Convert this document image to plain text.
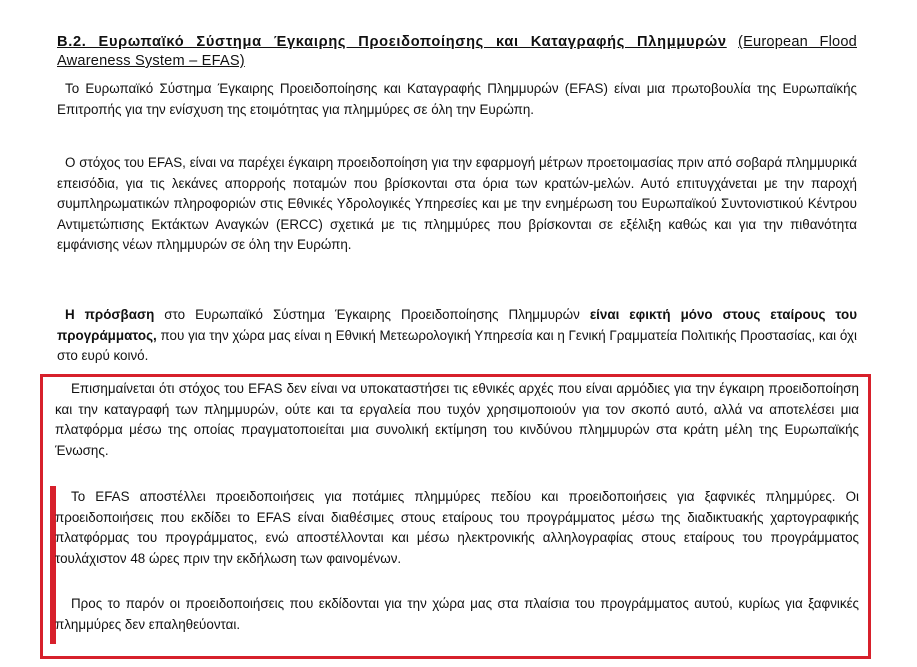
B.2. Ευρωπαϊκό Σύστημα Έγκαιρης Προειδοποίησης και Καταγραφής Πλημμυρών (European Flood Awareness System – EFAS)

Το Ευρωπαϊκό Σύστημα Έγκαιρης Προειδοποίησης και Καταγραφής Πλημμυρών (EFAS) είναι μια πρωτοβουλία της Ευρωπαϊκής Επιτροπής για την ενίσχυση της ετοιμότητας για πλημμύρες σε όλη την Ευρώπη.

Ο στόχος του EFAS, είναι να παρέχει έγκαιρη προειδοποίηση για την εφαρμογή μέτρων προετοιμασίας πριν από σοβαρά πλημμυρικά επεισόδια, για τις λεκάνες απορροής ποταμών που βρίσκονται στα όρια των κρατών-μελών. Αυτό επιτυγχάνεται με την παροχή συμπληρωματικών πληροφοριών στις Εθνικές Υδρολογικές Υπηρεσίες και με την ενημέρωση του Ευρωπαϊκού Συντονιστικού Κέντρου Αντιμετώπισης Εκτάκτων Αναγκών (ERCC) σχετικά με τις πλημμύρες που βρίσκονται σε εξέλιξη καθώς και για την πιθανότητα εμφάνισης νέων πλημμυρών σε όλη την Ευρώπη.

Η πρόσβαση στο Ευρωπαϊκό Σύστημα Έγκαιρης Προειδοποίησης Πλημμυρών είναι εφικτή μόνο στους εταίρους του προγράμματος, που για την χώρα μας είναι η Εθνική Μετεωρολογική Υπηρεσία και η Γενική Γραμματεία Πολιτικής Προστασίας, και όχι στο ευρύ κοινό.

Επισημαίνεται ότι στόχος του EFAS δεν είναι να υποκαταστήσει τις εθνικές αρχές που είναι αρμόδιες για την έγκαιρη προειδοποίηση και την καταγραφή των πλημμυρών, ούτε και τα εργαλεία που τυχόν χρησιμοποιούν για τον σκοπό αυτό, αλλά να αποτελέσει μια πλατφόρμα μέσω της οποίας πραγματοποιείται μια συνολική εκτίμηση του κινδύνου πλημμυρών στα κράτη μέλη της Ευρωπαϊκής Ένωσης.

Το EFAS αποστέλλει προειδοποιήσεις για ποτάμιες πλημμύρες πεδίου και προειδοποιήσεις για ξαφνικές πλημμύρες. Οι προειδοποιήσεις που εκδίδει το EFAS είναι διαθέσιμες στους εταίρους του προγράμματος μέσω της διαδικτυακής χαρτογραφικής πλατφόρμας του προγράμματος, ενώ αποστέλλονται και μέσω ηλεκτρονικής αλληλογραφίας στους εταίρους του προγράμματος τουλάχιστον 48 ώρες πριν την εκδήλωση των φαινομένων.

Προς το παρόν οι προειδοποιήσεις που εκδίδονται για την χώρα μας στα πλαίσια του προγράμματος αυτού, κυρίως για ξαφνικές πλημμύρες δεν επαληθεύονται.
